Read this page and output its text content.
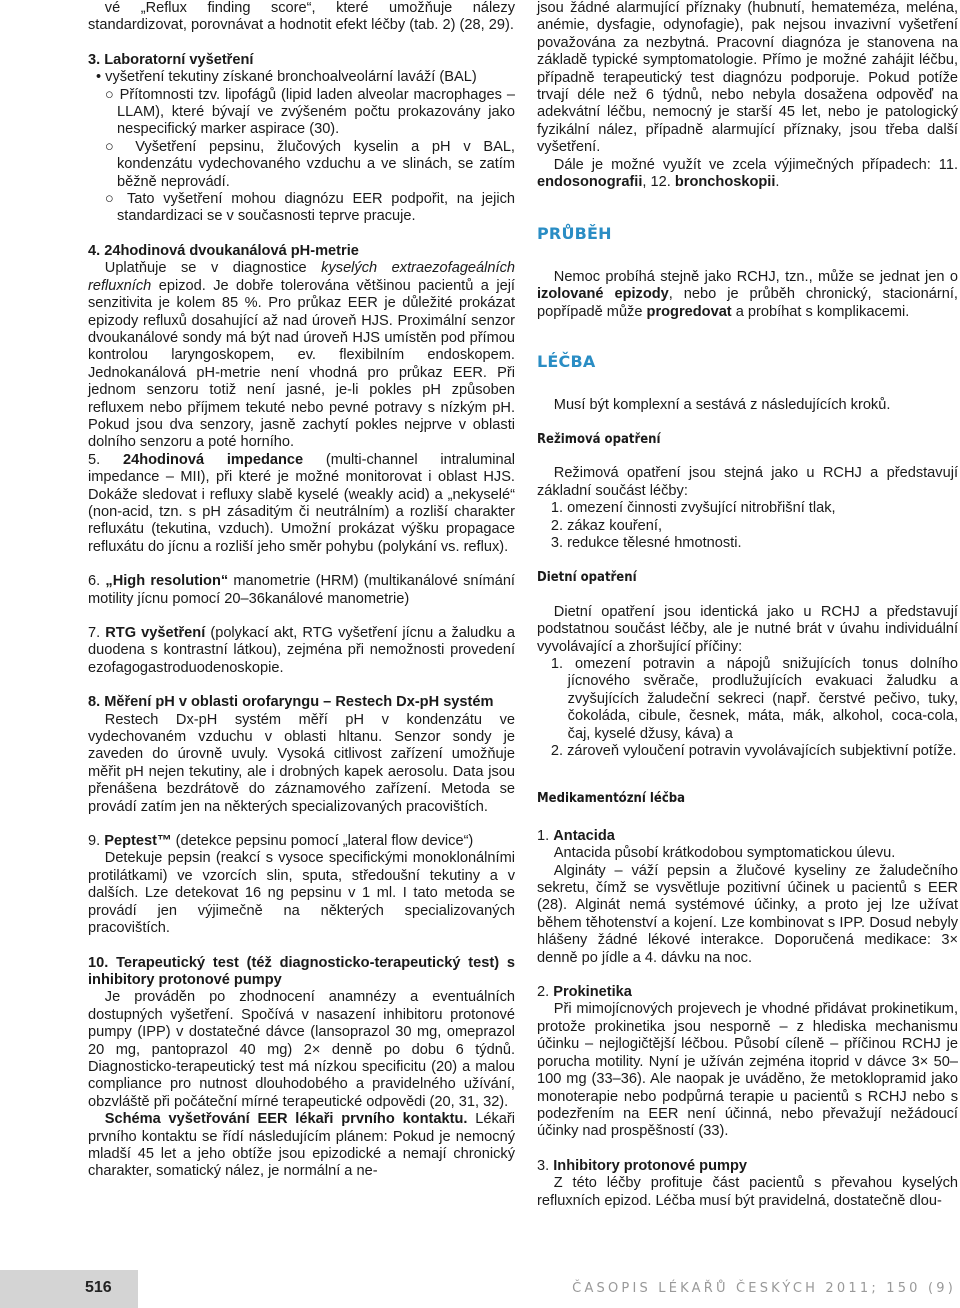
vé „Reflux finding score“, které umožňuje nálezy standardizovat, porovnávat a hodnotit efekt léčby (tab. 2) (28, 29).

3. Laboratorní vyšetření

• vyšetření tekutiny získané bronchoalveolární laváží (BAL)

○ Přítomnosti tzv. lipofágů (lipid laden alveolar macrophages – LLAM), které bývají ve zvýšeném počtu prokazovány jako nespecifický marker aspirace (30).

○ Vyšetření pepsinu, žlučových kyselin a pH v BAL, kondenzátu vydechovaného vzduchu a ve slinách, se zatím běžně neprovádí.

○ Tato vyšetření mohou diagnózu EER podpořit, na jejich standardizaci se v současnosti teprve pracuje.

4. 24hodinová dvoukanálová pH-metrie

Uplatňuje se v diagnostice kyselých extraezofageálních refluxních epizod. Je dobře tolerována většinou pacientů a její senzitivita je kolem 85 %. Pro průkaz EER je důležité prokázat epizody refluxů dosahující až nad úroveň HJS. Proximální senzor dvoukanálové sondy má být nad úroveň HJS umístěn pod přímou kontrolou laryngoskopem, ev. flexibilním endoskopem. Jednokanálová pH-metrie není vhodná pro průkaz EER. Při jednom senzoru totiž není jasné, je-li pokles pH způsoben refluxem nebo příjmem tekuté nebo pevné potravy s nízkým pH. Pokud jsou dva senzory, jasně zachytí pokles nejprve v oblasti dolního senzoru a poté horního.

5. 24hodinová impedance (multi-channel intraluminal impedance – MII), při které je možné monitorovat i oblast HJS. Dokáže sledovat i refluxy slabě kyselé (weakly acid) a „nekyselé“ (non-acid, tzn. s pH zásaditým či neutrálním) a rozliší charakter refluxátu (tekutina, vzduch). Umožní prokázat výšku propagace refluxátu do jícnu a rozliší jeho směr pohybu (polykání vs. reflux).

6. „High resolution“ manometrie (HRM) (multikanálové snímání motility jícnu pomocí 20–36kanálové manometrie)

7. RTG vyšetření (polykací akt, RTG vyšetření jícnu a žaludku a duodena s kontrastní látkou), zejména při nemožnosti provedení ezofagogastroduodenoskopie.

8. Měření pH v oblasti orofaryngu – Restech Dx-pH systém

Restech Dx-pH systém měří pH v kondenzátu ve vydechovaném vzduchu v oblasti hltanu. Senzor sondy je zaveden do úrovně uvuly. Vysoká citlivost zařízení umožňuje měřit pH nejen tekutiny, ale i drobných kapek aerosolu. Data jsou přenášena bezdrátově do záznamového zařízení. Metoda se provádí zatím jen na některých specializovaných pracovištích.

9. Peptest™ (detekce pepsinu pomocí „lateral flow device“)

Detekuje pepsin (reakcí s vysoce specifickými monoklonálními protilátkami) ve vzorcích slin, sputa, středoušní tekutiny a v dalších. Lze detekovat 16 ng pepsinu v 1 ml. I tato metoda se provádí jen výjimečně na některých specializovaných pracovištích.

10. Terapeutický test (též diagnosticko-terapeutický test) s inhibitory protonové pumpy

Je prováděn po zhodnocení anamnézy a eventuálních dostupných vyšetření. Spočívá v nasazení inhibitoru protonové pumpy (IPP) v dostatečné dávce (lansoprazol 30 mg, omeprazol 20 mg, pantoprazol 40 mg) 2× denně po dobu 6 týdnů. Diagnosticko-terapeutický test má nízkou specificitu (20) a malou compliance pro nutnost dlouhodobého a pravidelného užívání, obzvláště při počáteční mírné terapeutické odpovědi (20, 31, 32).

Schéma vyšetřování EER lékaři prvního kontaktu. Lékaři prvního kontaktu se řídí následujícím plánem: Pokud je nemocný mladší 45 let a jeho obtíže jsou epizodické a nemají chronický charakter, somatický nález, je normální a ne-

jsou žádné alarmující příznaky (hubnutí, hemateméza, meléna, anémie, dysfagie, odynofagie), pak nejsou invazivní vyšetření považována za nezbytná. Pracovní diagnóza je stanovena na základě typické symptomatologie. Přímo je možné zahájit léčbu, případně terapeutický test diagnózu podporuje. Pokud potíže trvají déle než 6 týdnů, nebo nebyla dosažena odpověď na adekvátní léčbu, nemocný je starší 45 let, nebo je patologický fyzikální nález, případně alarmující příznaky, jsou třeba další vyšetření.

Dále je možné využít ve zcela výjimečných případech: 11. endosonografii, 12. bronchoskopii.

PRŮBĚH

Nemoc probíhá stejně jako RCHJ, tzn., může se jednat jen o izolované epizody, nebo je průběh chronický, stacionární, popřípadě může progredovat a probíhat s komplikacemi.

LÉČBA

Musí být komplexní a sestává z následujících kroků.

Režimová opatření

Režimová opatření jsou stejná jako u RCHJ a představují základní součást léčby:

1. omezení činnosti zvyšující nitrobřišní tlak,

2. zákaz kouření,

3. redukce tělesné hmotnosti.

Dietní opatření

Dietní opatření jsou identická jako u RCHJ a představují podstatnou součást léčby, ale je nutné brát v úvahu individuální vyvolávající a zhoršující příčiny:

1. omezení potravin a nápojů snižujících tonus dolního jícnového svěrače, prodlužujících evakuaci žaludku a zvyšujících žaludeční sekreci (např. čerstvé pečivo, tuky, čokoláda, cibule, česnek, máta, mák, alkohol, coca-cola, čaj, kyselé džusy, káva) a

2. zároveň vyloučení potravin vyvolávajících subjektivní potíže.

Medikamentózní léčba

1. Antacida

Antacida působí krátkodobou symptomatickou úlevu.

Algináty – váží pepsin a žlučové kyseliny ze žaludečního sekretu, čímž se vysvětluje pozitivní účinek u pacientů s EER (28). Alginát nemá systémové účinky, a proto jej lze užívat během těhotenství a kojení. Lze kombinovat s IPP. Dosud nebyly hlášeny žádné lékové interakce. Doporučená medikace: 3× denně po jídle a 4. dávku na noc.

2. Prokinetika

Při mimojícnových projevech je vhodné přidávat prokinetikum, protože prokinetika jsou nesporně – z hlediska mechanismu účinku – nejlogičtější léčbou. Působí cíleně – příčinou RCHJ je porucha motility. Nyní je užíván zejména itoprid v dávce 3× 50–100 mg (33–36). Ale naopak je uváděno, že metoklopramid jako monoterapie nebo podpůrná terapie u pacientů s RCHJ nebo s podezřením na EER není účinná, nebo převažují nežádoucí účinky nad prospěšností (33).

3. Inhibitory protonové pumpy

Z této léčby profituje část pacientů s převahou kyselých refluxních epizod. Léčba musí být pravidelná, dostatečně dlou-

516	ČASOPIS LÉKAŘŮ ČESKÝCH 2011; 150 (9)
